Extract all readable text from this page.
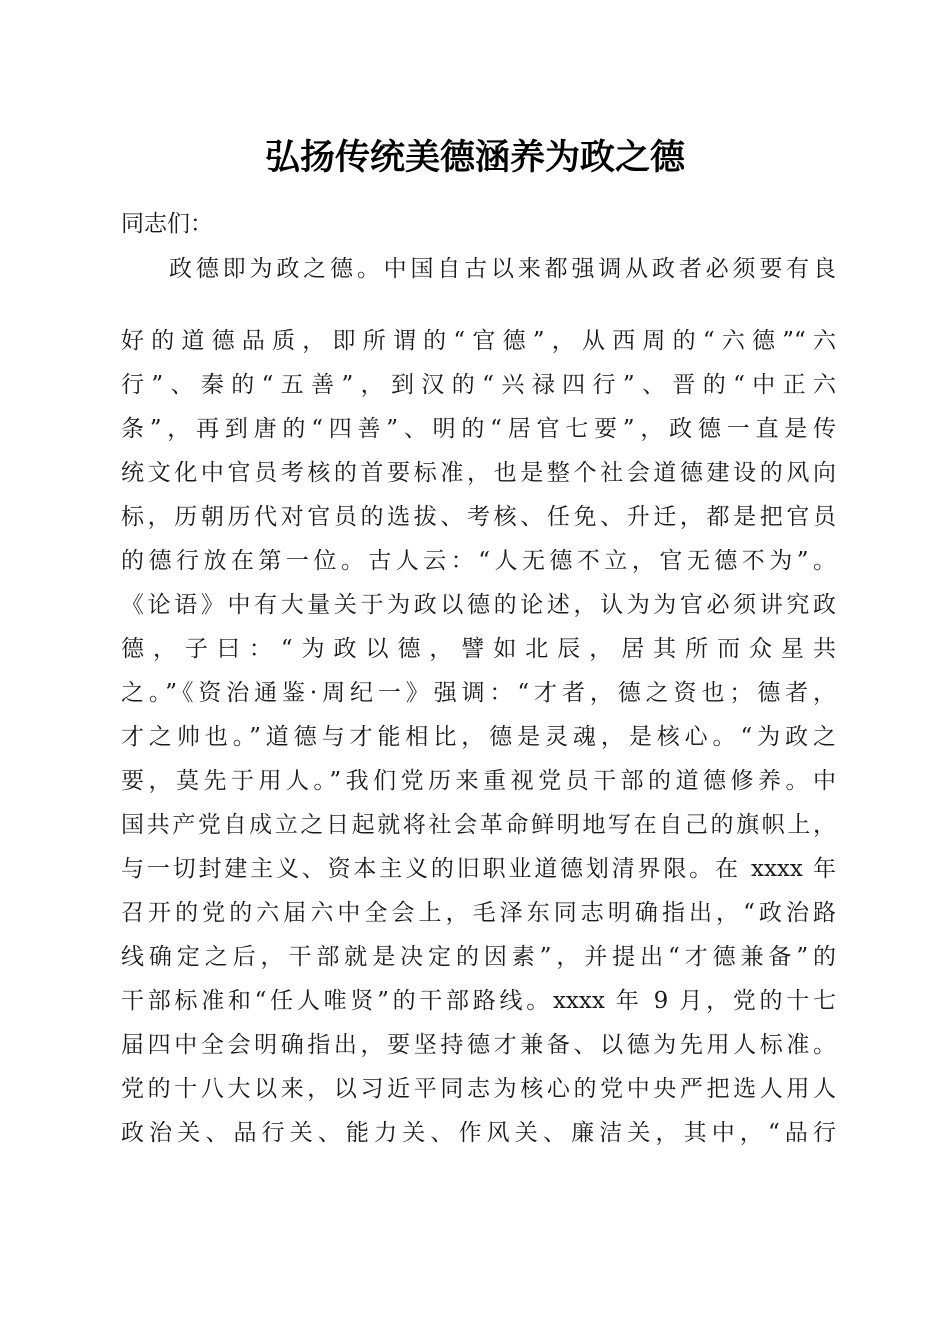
弘扬传统美德涵养为政之德
同志们：
政德即为政之德。中国自古以来都强调从政者必须要有良
好的道德品质，即所谓的“官德”，从西周的“六德”“六
行”、秦的“五善”，到汉的“兴禄四行”、晋的“中正六
条”，再到唐的“四善”、明的“居官七要”，政德一直是传
统文化中官员考核的首要标准，也是整个社会道德建设的风向
标，历朝历代对官员的选拔、考核、任免、升迁，都是把官员
的德行放在第一位。古人云：“人无德不立，官无德不为”。
《论语》中有大量关于为政以德的论述，认为为官必须讲究政
德，子曰：“为政以德，譬如北辰，居其所而众星共
之。”《资治通鉴·周纪一》强调：“才者，德之资也；德者，
才之帅也。”道德与才能相比，德是灵魂，是核心。“为政之
要，莫先于用人。”我们党历来重视党员干部的道德修养。中
国共产党自成立之日起就将社会革命鲜明地写在自己的旗帜上，
与一切封建主义、资本主义的旧职业道德划清界限。在 xxxx 年
召开的党的六届六中全会上，毛泽东同志明确指出，“政治路
线确定之后，干部就是决定的因素”，并提出“才德兼备”的
干部标准和“任人唯贤”的干部路线。xxxx 年 9 月，党的十七
届四中全会明确指出，要坚持德才兼备、以德为先用人标准。
党的十八大以来，以习近平同志为核心的党中央严把选人用人
政治关、品行关、能力关、作风关、廉洁关，其中，“品行
